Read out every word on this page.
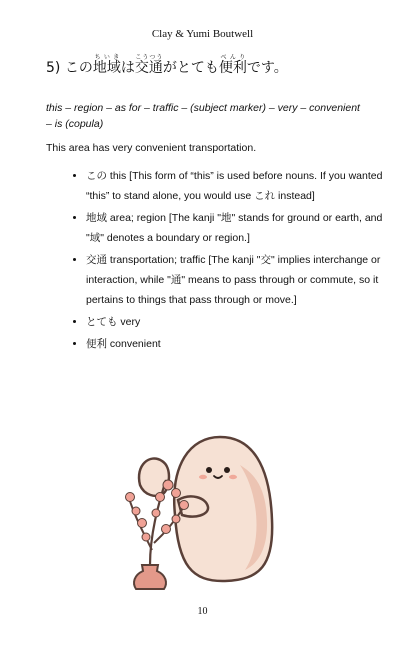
Clay & Yumi Boutwell
5) この地域ちいきは交通こうつうがとても便利べんりです。
this – region – as for – traffic – (subject marker) – very – convenient – is (copula)
This area has very convenient transportation.
• この this [This form of “this” is used before nouns. If you wanted “this” to stand alone, you would use これ instead]
• 地域 area; region [The kanji "地" stands for ground or earth, and "域" denotes a boundary or region.]
• 交通 transportation; traffic [The kanji "交" implies interchange or interaction, while "通" means to pass through or commute, so it pertains to things that pass through or move.]
• とても very
• 便利 convenient
10
